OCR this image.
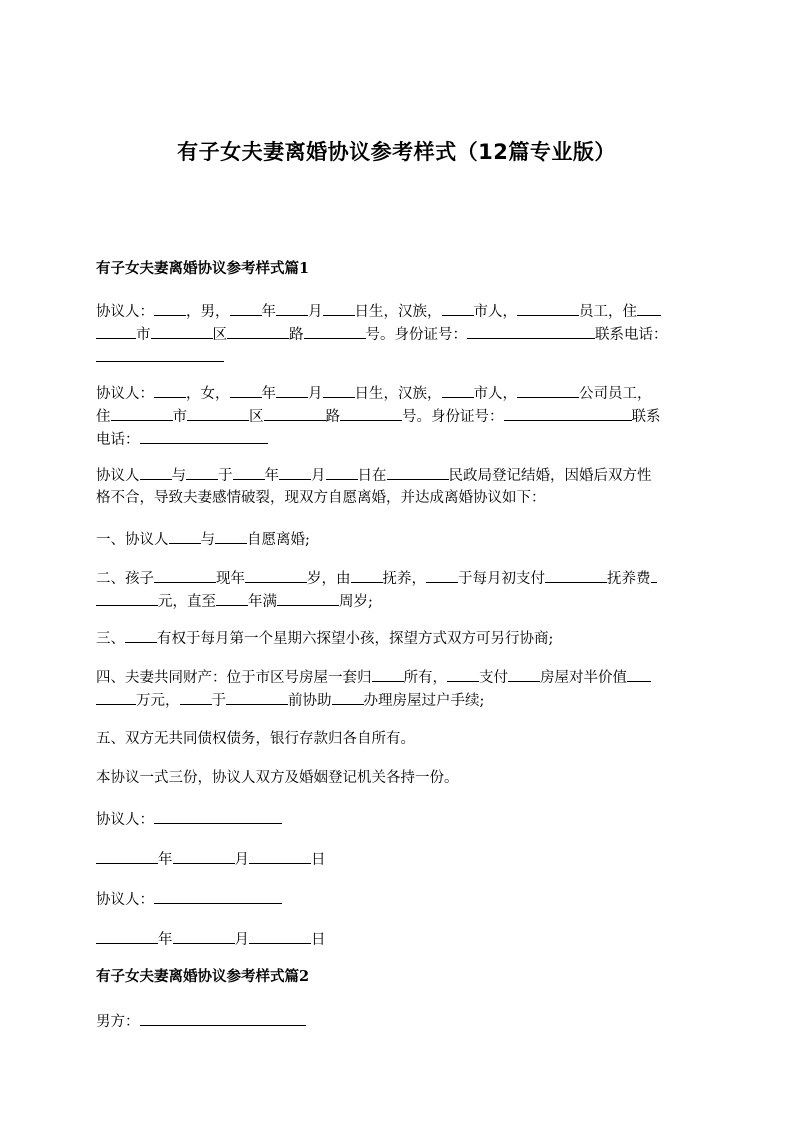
有子女夫妻离婚协议参考样式（12篇专业版）
有子女夫妻离婚协议参考样式篇1
协议人： ，男， 年 月 日生，汉族， 市人，	员工，住
市	区	路	号。身份证号：	联系电话：

协议人： ，女， 年 月 日生，汉族， 市人，	公司员工，
住	市	区	路	号。身份证号：	联系
电话：
协议人 与 于 年 月 日在	民政局登记结婚，因婚后双方性
格不合，导致夫妻感情破裂，现双方自愿离婚，并达成离婚协议如下：
一、协议人 与 自愿离婚;
二、孩子	现年	岁，由 抚养， 于每月初支付	抚养费
元，直至 年满	周岁;
三、 有权于每月第一个星期六探望小孩，探望方式双方可另行协商;
四、夫妻共同财产：位于市区号房屋一套归 所有， 支付 房屋对半价值
万元， 于	前协助 办理房屋过户手续;
五、双方无共同债权债务，银行存款归各自所有。
本协议一式三份，协议人双方及婚姻登记机关各持一份。
协议人：
年	月	日
协议人：
年	月	日
有子女夫妻离婚协议参考样式篇2
男方：
